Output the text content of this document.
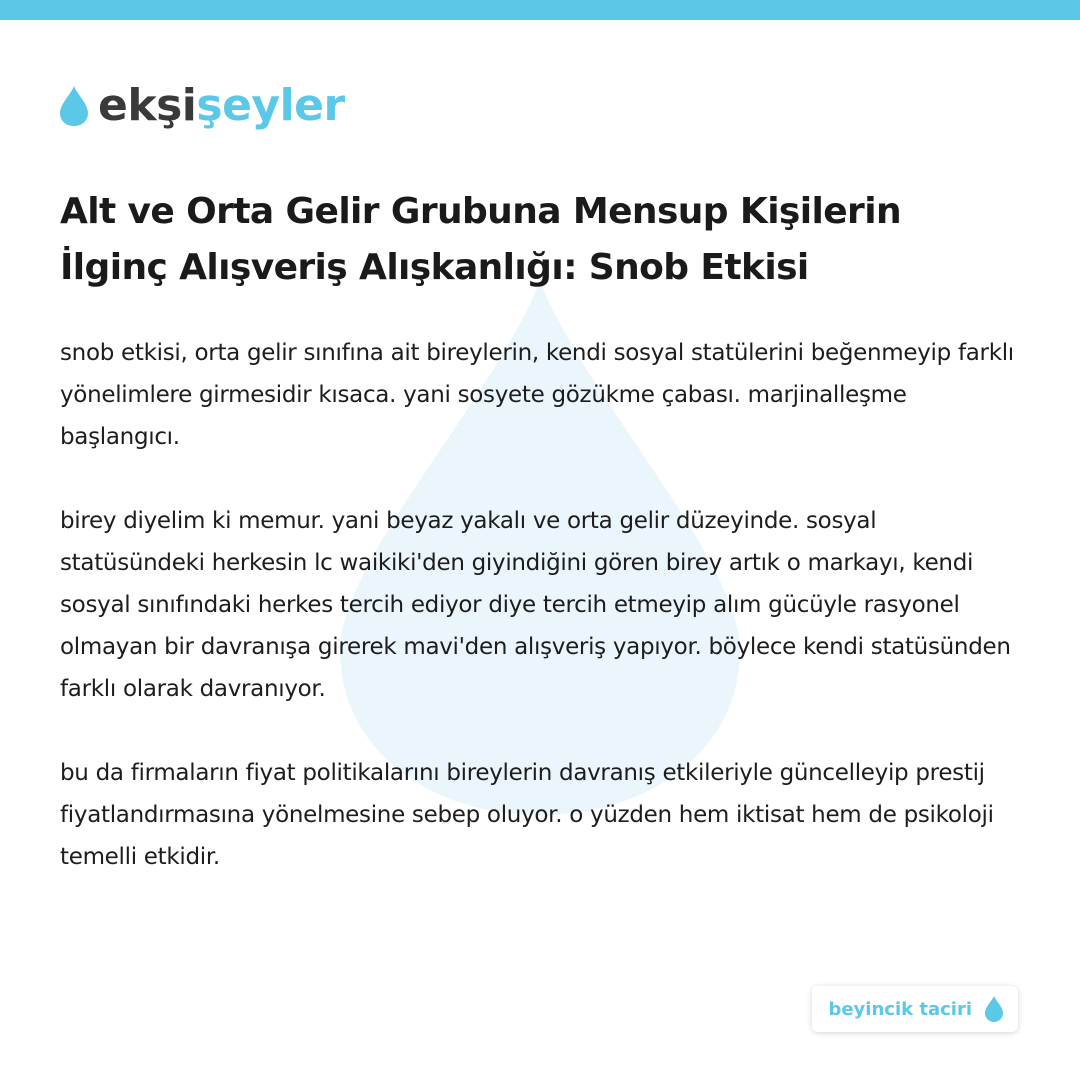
ekşişeyler
Alt ve Orta Gelir Grubuna Mensup Kişilerin İlginç Alışveriş Alışkanlığı: Snob Etkisi

snob etkisi, orta gelir sınıfına ait bireylerin, kendi sosyal statülerini beğenmeyip farklı yönelimlere girmesidir kısaca. yani sosyete gözükme çabası. marjinalleşme başlangıcı.

birey diyelim ki memur. yani beyaz yakalı ve orta gelir düzeyinde. sosyal statüsündeki herkesin lc waikiki'den giyindiğini gören birey artık o markayı, kendi sosyal sınıfındaki herkes tercih ediyor diye tercih etmeyip alım gücüyle rasyonel olmayan bir davranışa girerek mavi'den alışveriş yapıyor. böylece kendi statüsünden farklı olarak davranıyor.

bu da firmaların fiyat politikalarını bireylerin davranış etkileriyle güncelleyip prestij fiyatlandırmasına yönelmesine sebep oluyor. o yüzden hem iktisat hem de psikoloji temelli etkidir.

beyincik taciri
